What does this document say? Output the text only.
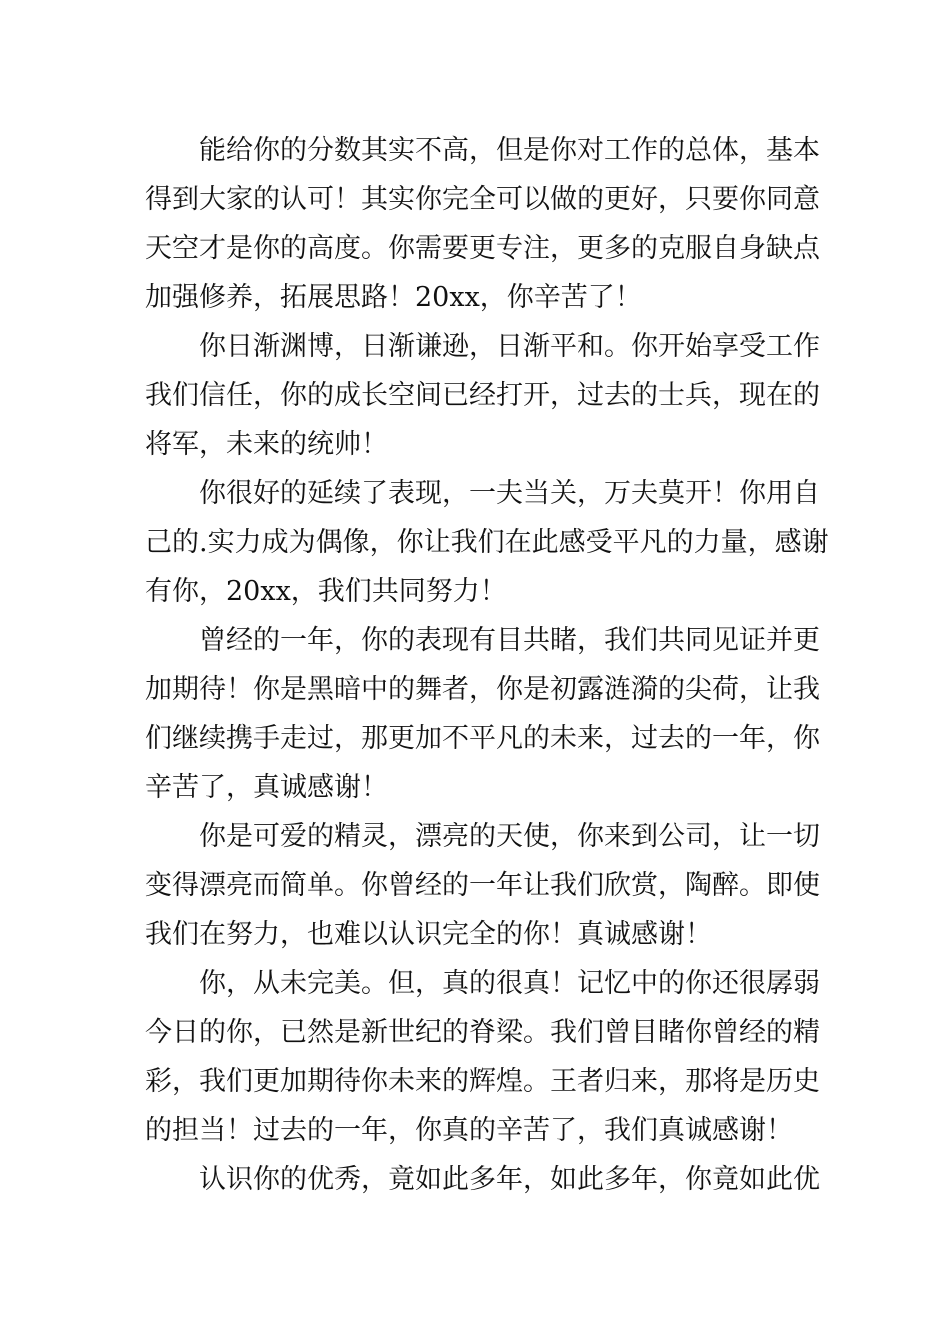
能给你的分数其实不高，但是你对工作的总体，基本
得到大家的认可！其实你完全可以做的更好，只要你同意
天空才是你的高度。你需要更专注，更多的克服自身缺点
加强修养，拓展思路！20xx，你辛苦了！
你日渐渊博，日渐谦逊，日渐平和。你开始享受工作
我们信任，你的成长空间已经打开，过去的士兵，现在的
将军，未来的统帅！
你很好的延续了表现，一夫当关，万夫莫开！你用自
己的.实力成为偶像，你让我们在此感受平凡的力量，感谢
有你，20xx，我们共同努力！
曾经的一年，你的表现有目共睹，我们共同见证并更
加期待！你是黑暗中的舞者，你是初露涟漪的尖荷，让我
们继续携手走过，那更加不平凡的未来，过去的一年，你
辛苦了，真诚感谢！
你是可爱的精灵，漂亮的天使，你来到公司，让一切
变得漂亮而简单。你曾经的一年让我们欣赏，陶醉。即使
我们在努力，也难以认识完全的你！真诚感谢！
你，从未完美。但，真的很真！记忆中的你还很孱弱
今日的你，已然是新世纪的脊梁。我们曾目睹你曾经的精
彩，我们更加期待你未来的辉煌。王者归来，那将是历史
的担当！过去的一年，你真的辛苦了，我们真诚感谢！
认识你的优秀，竟如此多年，如此多年，你竟如此优
